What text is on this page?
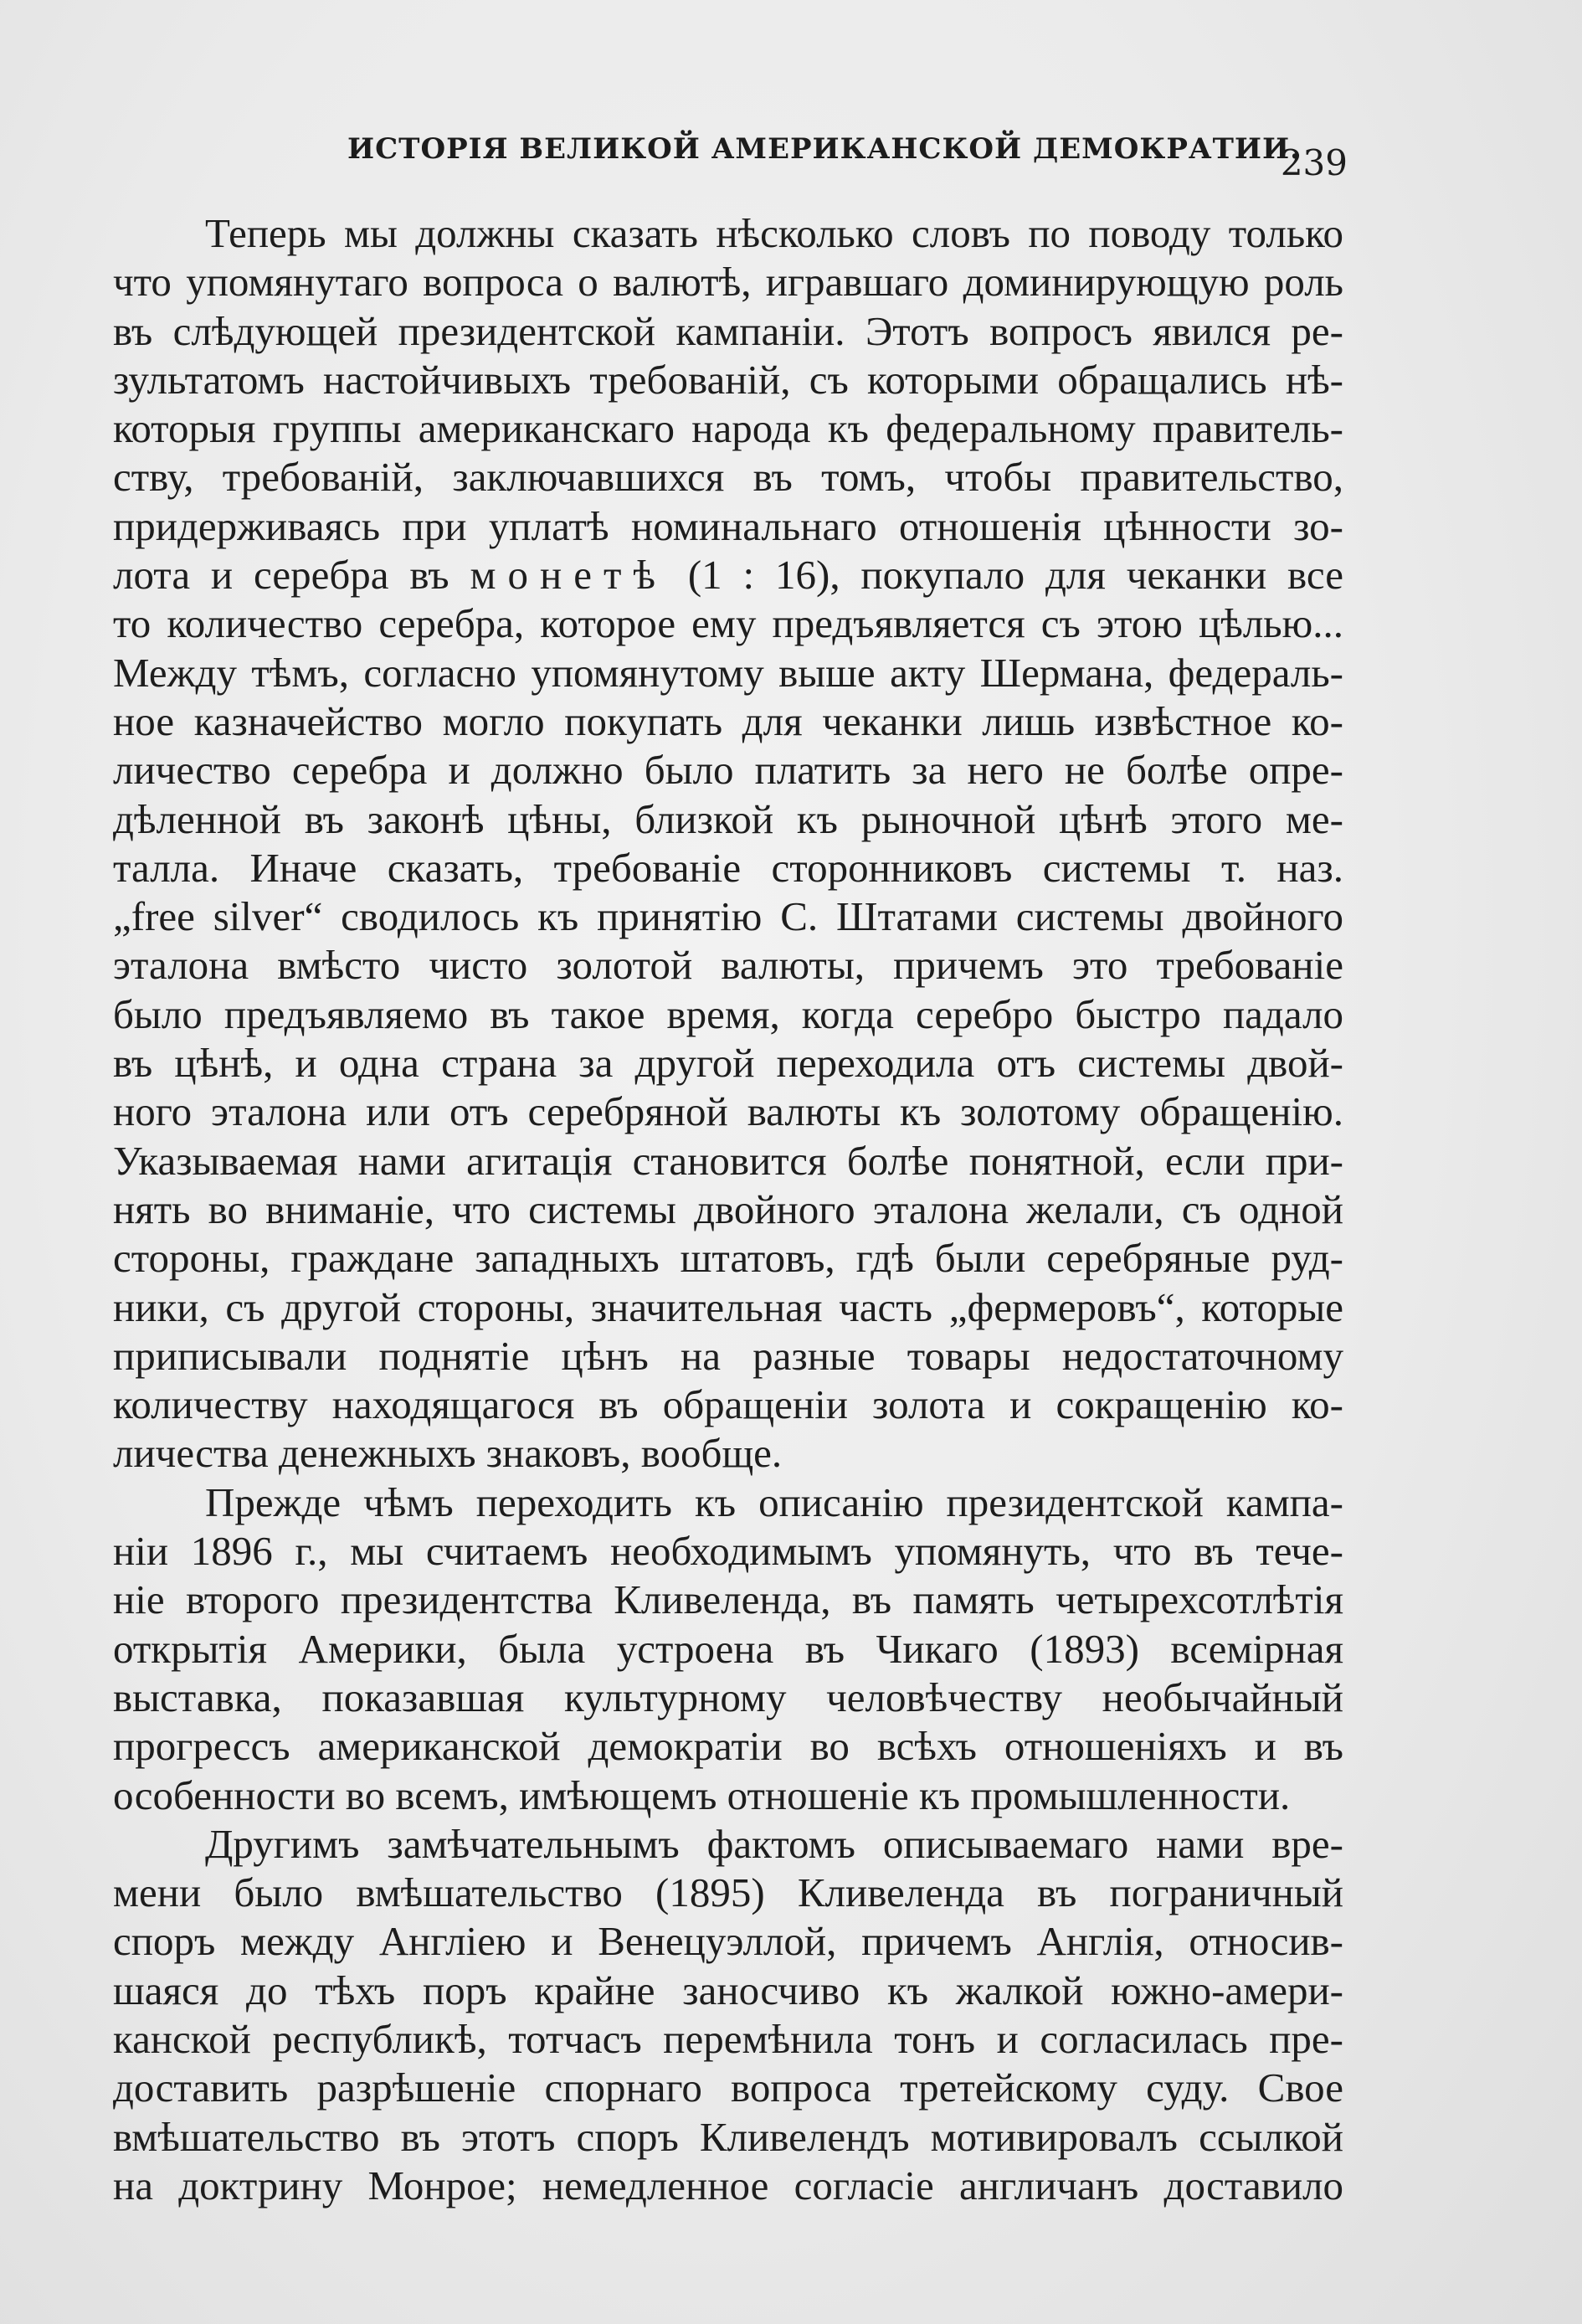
ИСТОРІЯ ВЕЛИКОЙ АМЕРИКАНСКОЙ ДЕМОКРАТИИ.
239
Теперь мы должны сказать нѣсколько словъ по поводу только
что упомянутаго вопроса о валютѣ, игравшаго доминирующую роль
въ слѣдующей президентской кампаніи. Этотъ вопросъ явился ре-
зультатомъ настойчивыхъ требованій, съ которыми обращались нѣ-
которыя группы американскаго народа къ федеральному правитель-
ству, требованій, заключавшихся въ томъ, чтобы правительство,
придерживаясь при уплатѣ номинальнаго отношенія цѣнности зо-
лота и серебра въ монетѣ (1 : 16), покупало для чеканки все
то количество серебра, которое ему предъявляется съ этою цѣлью...
Между тѣмъ, согласно упомянутому выше акту Шермана, федераль-
ное казначейство могло покупать для чеканки лишь извѣстное ко-
личество серебра и должно было платить за него не болѣе опре-
дѣленной въ законѣ цѣны, близкой къ рыночной цѣнѣ этого ме-
талла. Иначе сказать, требованіе сторонниковъ системы т. наз.
„free silver“ сводилось къ принятію С. Штатами системы двойного
эталона вмѣсто чисто золотой валюты, причемъ это требованіе
было предъявляемо въ такое время, когда серебро быстро падало
въ цѣнѣ, и одна страна за другой переходила отъ системы двой-
ного эталона или отъ серебряной валюты къ золотому обращенію.
Указываемая нами агитація становится болѣе понятной, если при-
нять во вниманіе, что системы двойного эталона желали, съ одной
стороны, граждане западныхъ штатовъ, гдѣ были серебряные руд-
ники, съ другой стороны, значительная часть „фермеровъ“, которые
приписывали поднятіе цѣнъ на разные товары недостаточному
количеству находящагося въ обращеніи золота и сокращенію ко-
личества денежныхъ знаковъ, вообще.
Прежде чѣмъ переходить къ описанію президентской кампа-
ніи 1896 г., мы считаемъ необходимымъ упомянуть, что въ тече-
ніе второго президентства Кливеленда, въ память четырехсотлѣтія
открытія Америки, была устроена въ Чикаго (1893) всемірная
выставка, показавшая культурному человѣчеству необычайный
прогрессъ американской демократіи во всѣхъ отношеніяхъ и въ
особенности во всемъ, имѣющемъ отношеніе къ промышленности.
Другимъ замѣчательнымъ фактомъ описываемаго нами вре-
мени было вмѣшательство (1895) Кливеленда въ пограничный
споръ между Англіею и Венецуэллой, причемъ Англія, относив-
шаяся до тѣхъ поръ крайне заносчиво къ жалкой южно-амери-
канской республикѣ, тотчасъ перемѣнила тонъ и согласилась пре-
доставить разрѣшеніе спорнаго вопроса третейскому суду. Свое
вмѣшательство въ этотъ споръ Кливелендъ мотивировалъ ссылкой
на доктрину Монрое; немедленное согласіе англичанъ доставило
